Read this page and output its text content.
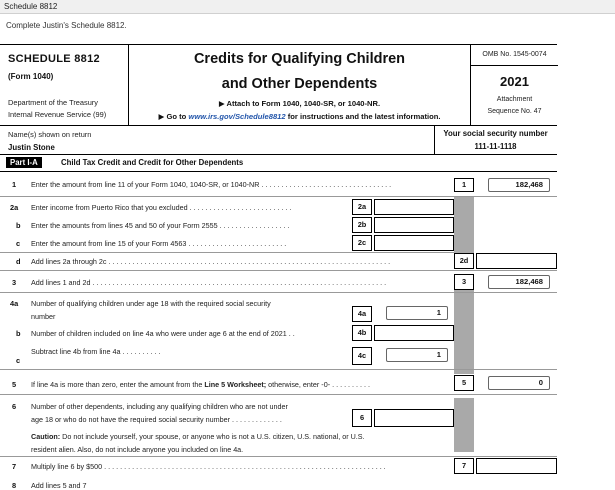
Schedule 8812
Complete Justin's Schedule 8812.
SCHEDULE 8812
(Form 1040)
Department of the Treasury
Internal Revenue Service (99)
Credits for Qualifying Children
and Other Dependents
▶ Attach to Form 1040, 1040-SR, or 1040-NR.
▶ Go to www.irs.gov/Schedule8812 for instructions and the latest information.
OMB No. 1545-0074
2021
Attachment
Sequence No. 47
Name(s) shown on return
Justin Stone
Your social security number
111-11-1118
Part I-A	Child Tax Credit and Credit for Other Dependents
1 Enter the amount from line 11 of your Form 1040, 1040-SR, or 1040-NR . . . . . . . . . . . . . . . . . . . . . . . . . . . . . . . . .	1	182,468
2a Enter income from Puerto Rico that you excluded . . . . . . . . . . . . . . . . . . . . . . . . . .	2a
b Enter the amounts from lines 45 and 50 of your Form 2555 . . . . . . . . . . . . . . . . . .	2b
c Enter the amount from line 15 of your Form 4563 . . . . . . . . . . . . . . . . . . . . . . . . .	2c
d Add lines 2a through 2c . . . . . . . . . . . . . . . . . . . . . . . . . . . . . . . . . . . . . . . . . . . . . . . . . . . . . . . . . . . . . . . . . . . . . . .	2d
3 Add lines 1 and 2d . . . . . . . . . . . . . . . . . . . . . . . . . . . . . . . . . . . . . . . . . . . . . . . . . . . . . . . . . . . . . . . . . . . . . . . . . .	3	182,468
4a Number of qualifying children under age 18 with the required social security
number	4a	1
b Number of children included on line 4a who were under age 6 at the end of 2021 . .	4b
c
Subtract line 4b from line 4a . . . . . . . . . .	4c	1
5 If line 4a is more than zero, enter the amount from the Line 5 Worksheet; otherwise, enter -0- . . . . . . . . . .	5	0
6 Number of other dependents, including any qualifying children who are not under
age 18 or who do not have the required social security number . . . . . . . . . . . . .	6
Caution: Do not include yourself, your spouse, or anyone who is not a U.S. citizen, U.S. national, or U.S.
resident alien. Also, do not include anyone you included on line 4a.
7 Multiply line 6 by $500 . . . . . . . . . . . . . . . . . . . . . . . . . . . . . . . . . . . . . . . . . . . . . . . . . . . . . . . . . . . . . . . . . . . . . . .	7
8 Add lines 5 and 7
